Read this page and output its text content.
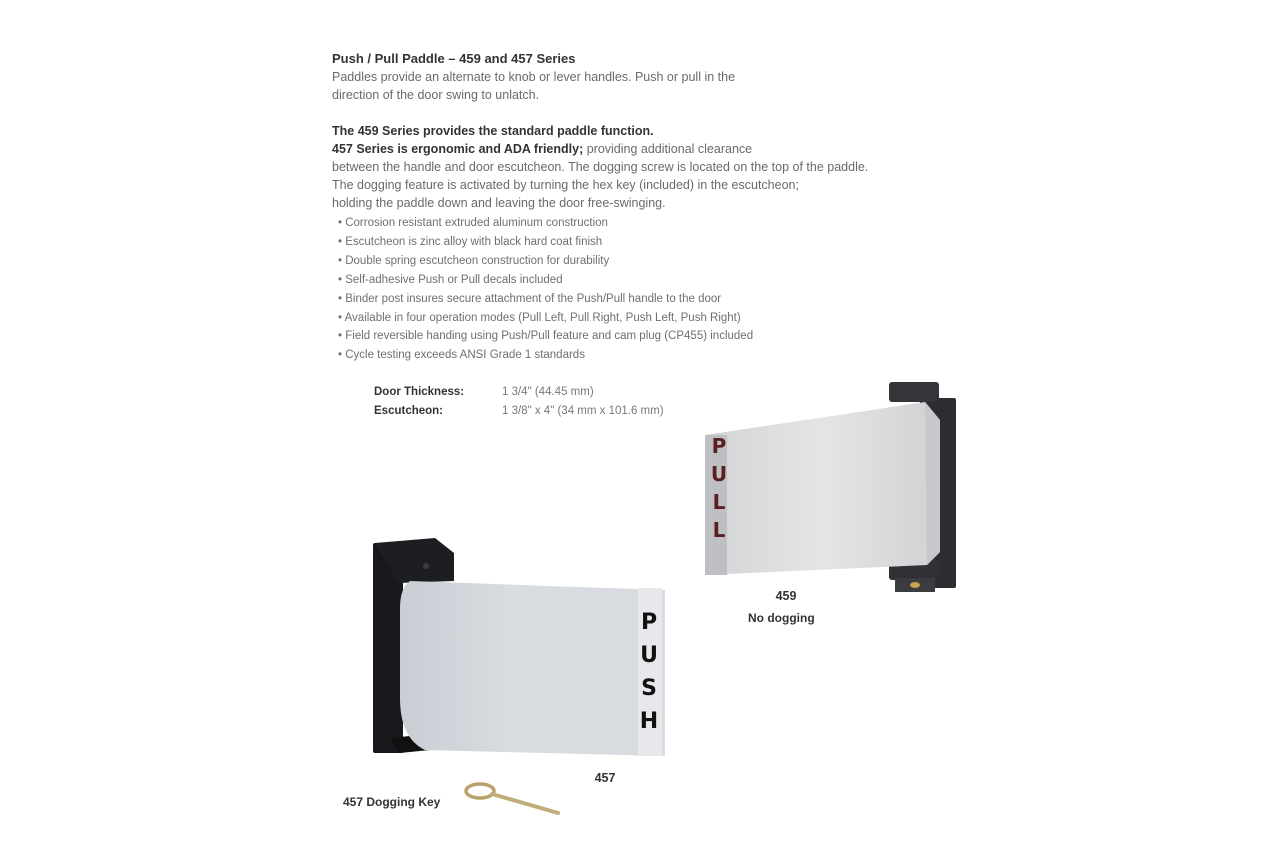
Push / Pull Paddle – 459 and 457 Series
Paddles provide an alternate to knob or lever handles. Push or pull in the
direction of the door swing to unlatch.
The 459 Series provides the standard paddle function.
457 Series is ergonomic and ADA friendly; providing additional clearance
between the handle and door escutcheon. The dogging screw is located on the top of the paddle.
The dogging feature is activated by turning the hex key (included) in the escutcheon;
holding the paddle down and leaving the door free-swinging.
• Corrosion resistant extruded aluminum construction
• Escutcheon is zinc alloy with black hard coat finish
• Double spring escutcheon construction for durability
• Self-adhesive Push or Pull decals included
• Binder post insures secure attachment of the Push/Pull handle to the door
• Available in four operation modes (Pull Left, Pull Right, Push Left, Push Right)
• Field reversible handing using Push/Pull feature and cam plug (CP455) included
• Cycle testing exceeds ANSI Grade 1 standards
Door Thickness:	1 3/4" (44.45 mm)
Escutcheon:	1 3/8" x 4" (34 mm x 101.6 mm)
P
U
L
L
459
No dogging
P
U
S
H
457
457 Dogging Key
